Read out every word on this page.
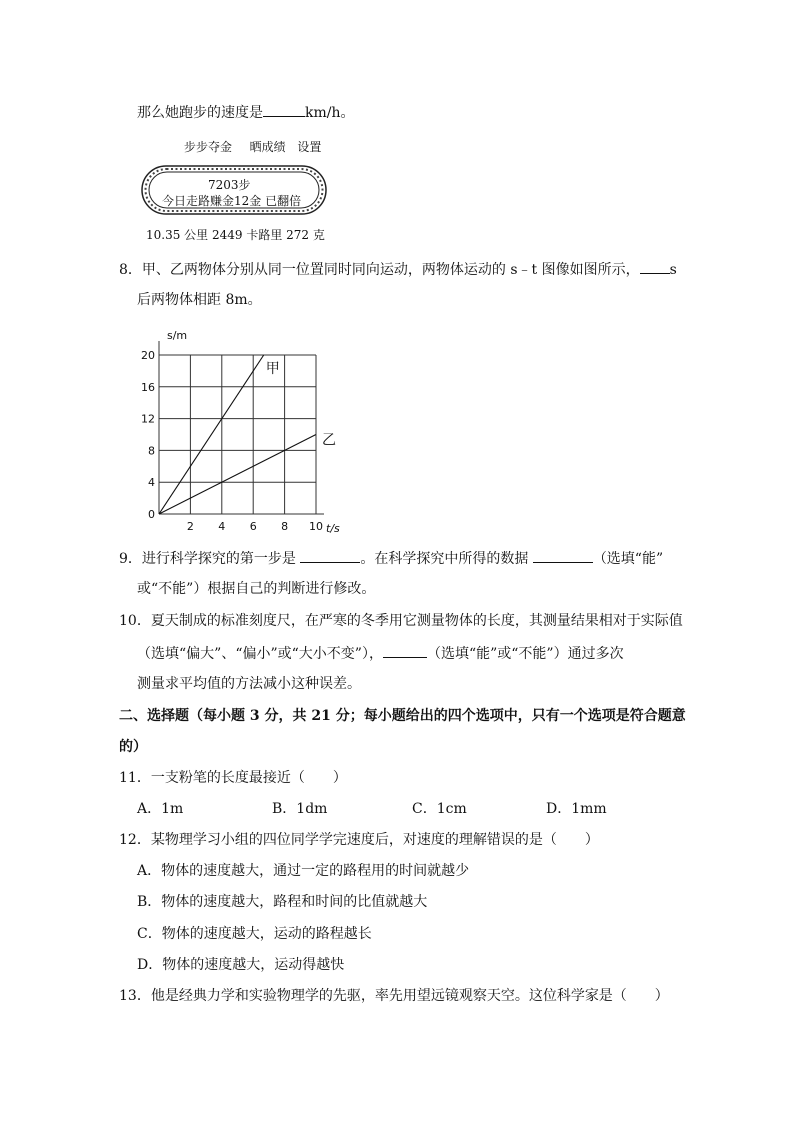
那么她跑步的速度是	km/h。
步步夺金 晒成绩 设置
7203步
今日走路赚金12金 已翻倍
10.35 公里 2449 卡路里 272 克
8．甲、乙两物体分别从同一位置同时同向运动，两物体运动的 s﹣t 图像如图所示， s
后两物体相距 8m。
甲
乙
0
4
8
12
16
20
2 4 6 8 10
s/m
t/s
9．进行科学探究的第一步是	。在科学探究中所得的数据	（选填“能”
或“不能”）根据自己的判断进行修改。
10．夏天制成的标准刻度尺，在严寒的冬季用它测量物体的长度，其测量结果相对于实际值
（选填“偏大”、“偏小”或“大小不变”），	（选填“能”或“不能”）通过多次
测量求平均值的方法减小这种误差。
二、选择题（每小题 3 分，共 21 分；每小题给出的四个选项中，只有一个选项是符合题意
的）
11．一支粉笔的长度最接近（　　）
A．1m	B．1dm	C．1cm	D．1mm
12．某物理学习小组的四位同学学完速度后，对速度的理解错误的是（　　）
A．物体的速度越大，通过一定的路程用的时间就越少
B．物体的速度越大，路程和时间的比值就越大
C．物体的速度越大，运动的路程越长
D．物体的速度越大，运动得越快
13．他是经典力学和实验物理学的先驱，率先用望远镜观察天空。这位科学家是（　　）
